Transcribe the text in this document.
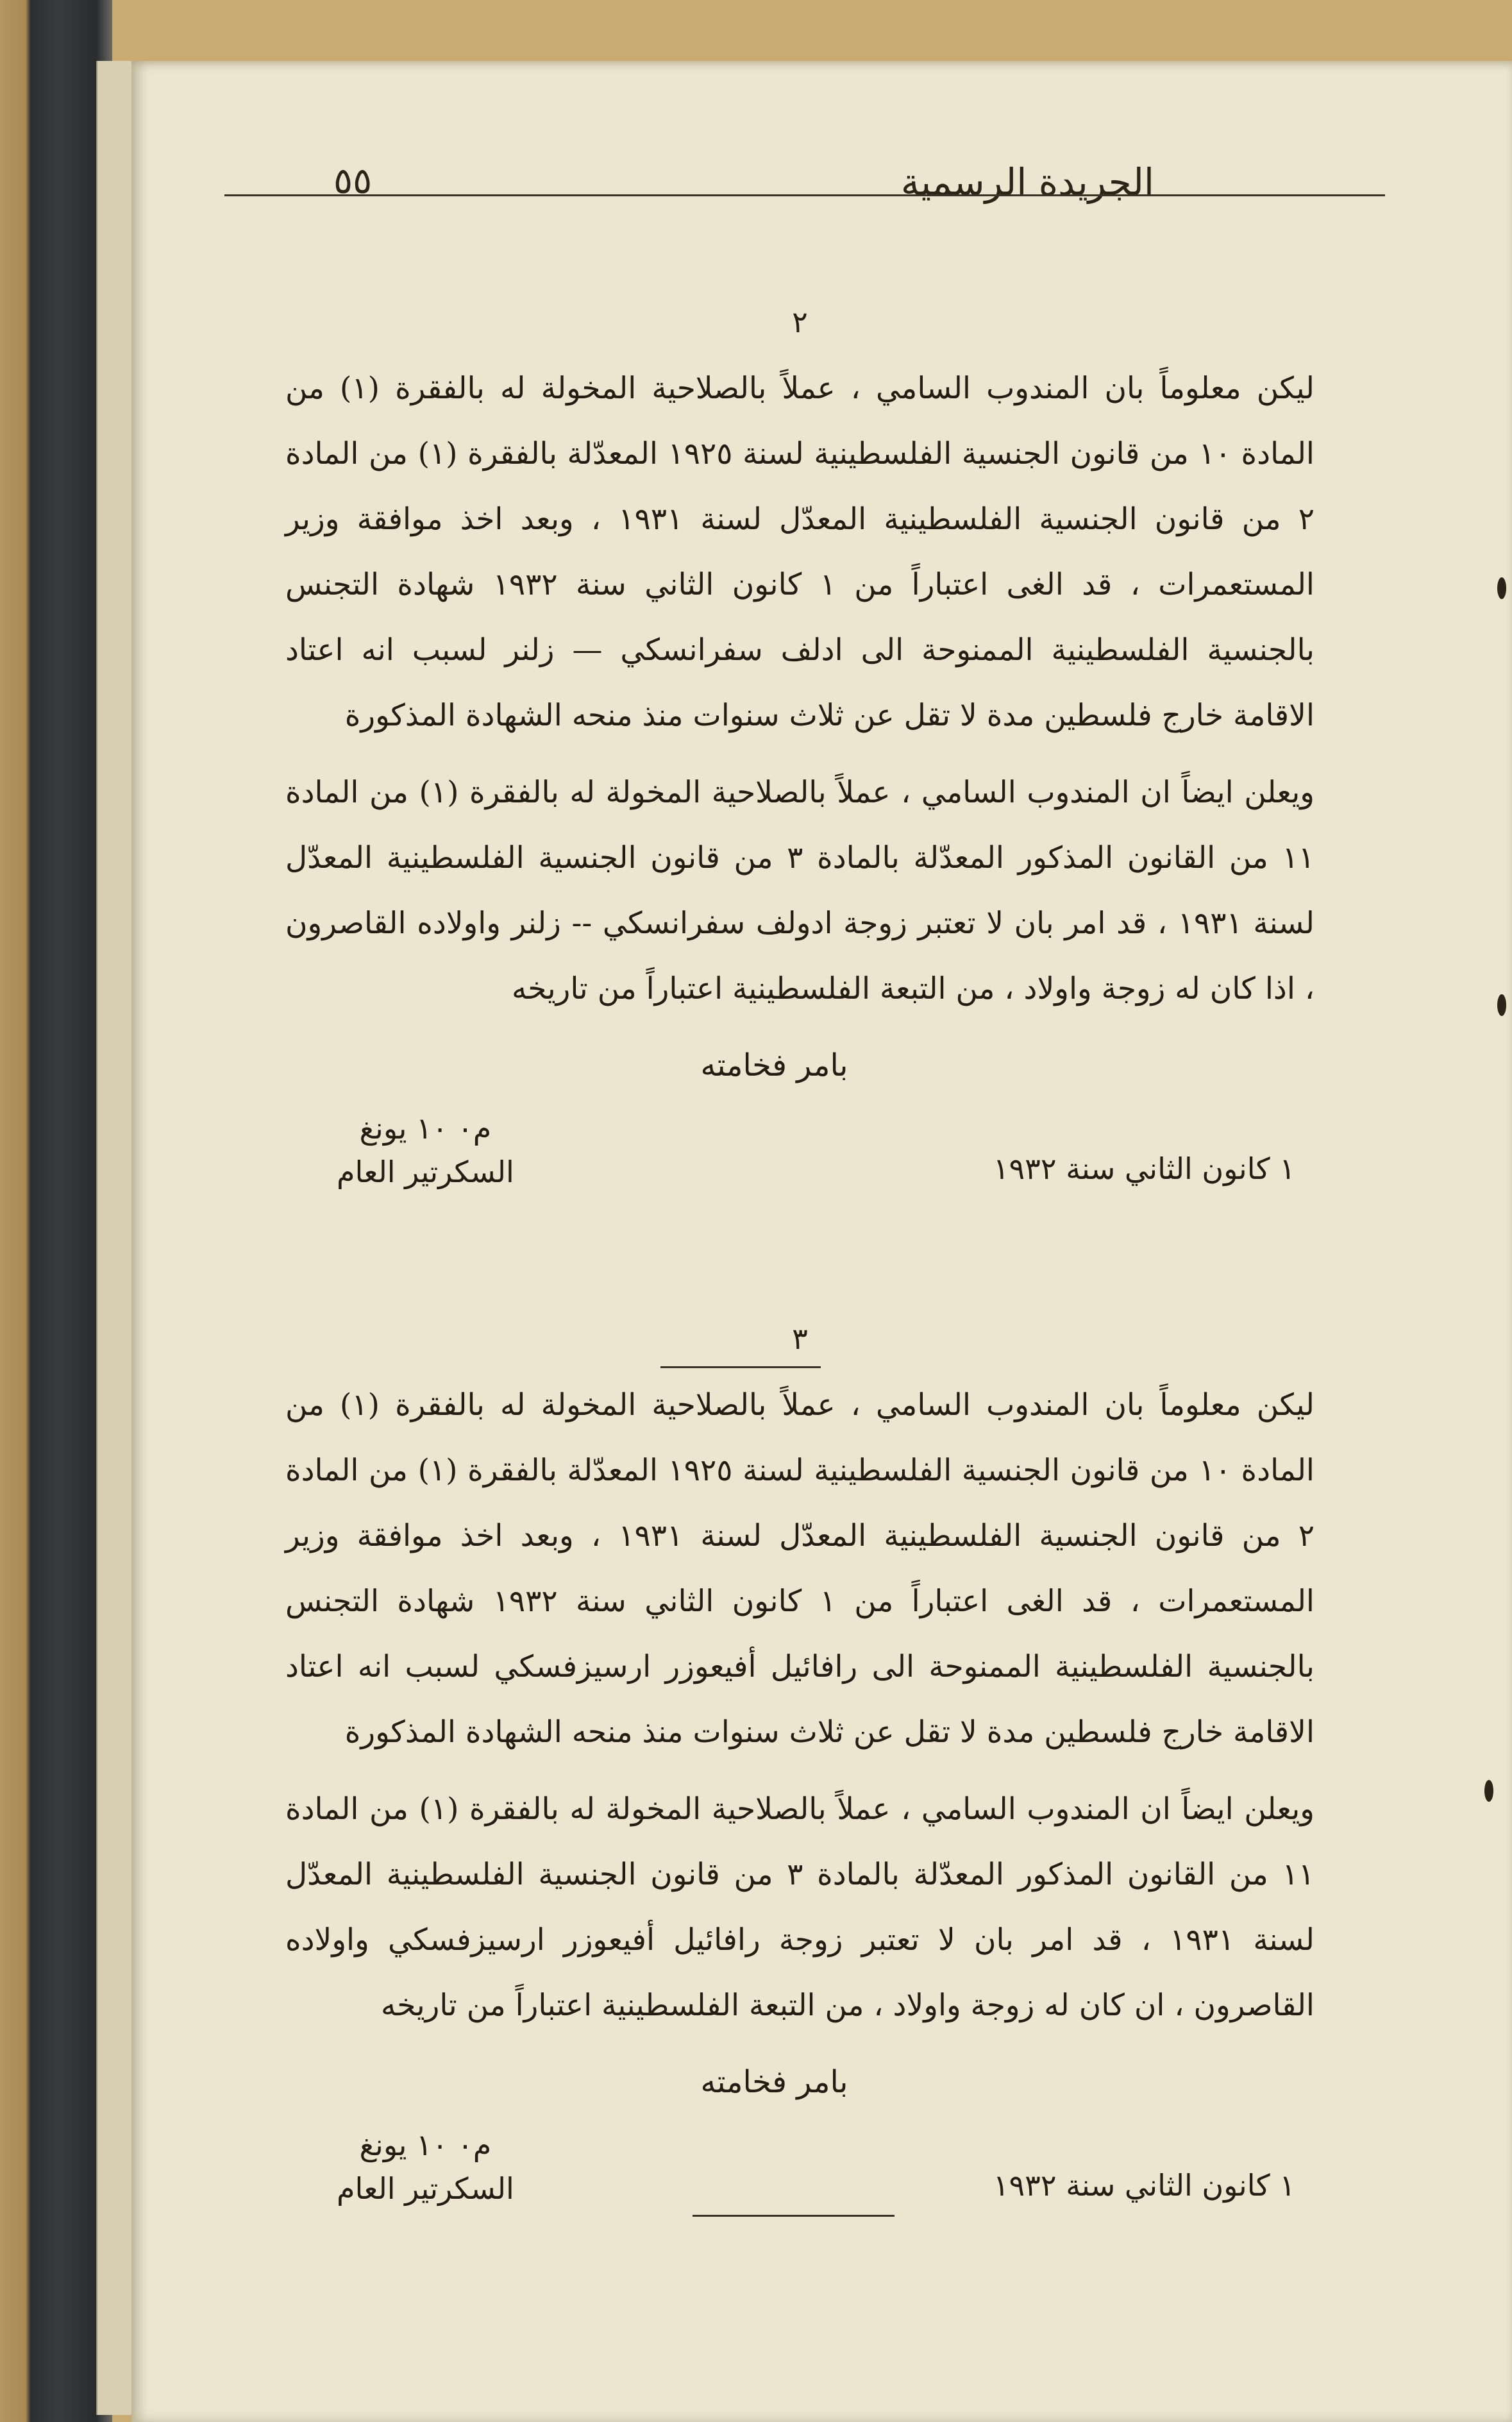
الجريدة الرسمية
٥٥
٢

ليكن معلوماً بان المندوب السامي ، عملاً بالصلاحية المخولة له بالفقرة (١) من المادة ١٠ من قانون الجنسية الفلسطينية لسنة ١٩٢٥ المعدّلة بالفقرة (١) من المادة ٢ من قانون الجنسية الفلسطينية المعدّل لسنة ١٩٣١ ، وبعد اخذ موافقة وزير المستعمرات ، قد الغى اعتباراً من ١ كانون الثاني سنة ١٩٣٢ شهادة التجنس بالجنسية الفلسطينية الممنوحة الى ادلف سفرانسكي — زلنر لسبب انه اعتاد الاقامة خارج فلسطين مدة لا تقل عن ثلاث سنوات منذ منحه الشهادة المذكورة

ويعلن ايضاً ان المندوب السامي ، عملاً بالصلاحية المخولة له بالفقرة (١) من المادة ١١ من القانون المذكور المعدّلة بالمادة ٣ من قانون الجنسية الفلسطينية المعدّل لسنة ١٩٣١ ، قد امر بان لا تعتبر زوجة ادولف سفرانسكي -- زلنر واولاده القاصرون ، اذا كان له زوجة واولاد ، من التبعة الفلسطينية اعتباراً من تاريخه

بامر فخامته
م٠ ١٠ يونغ
السكرتير العام	١ كانون الثاني سنة ١٩٣٢
٣

ليكن معلوماً بان المندوب السامي ، عملاً بالصلاحية المخولة له بالفقرة (١) من المادة ١٠ من قانون الجنسية الفلسطينية لسنة ١٩٢٥ المعدّلة بالفقرة (١) من المادة ٢ من قانون الجنسية الفلسطينية المعدّل لسنة ١٩٣١ ، وبعد اخذ موافقة وزير المستعمرات ، قد الغى اعتباراً من ١ كانون الثاني سنة ١٩٣٢ شهادة التجنس بالجنسية الفلسطينية الممنوحة الى رافائيل أفيعوزر ارسيزفسكي لسبب انه اعتاد الاقامة خارج فلسطين مدة لا تقل عن ثلاث سنوات منذ منحه الشهادة المذكورة

ويعلن ايضاً ان المندوب السامي ، عملاً بالصلاحية المخولة له بالفقرة (١) من المادة ١١ من القانون المذكور المعدّلة بالمادة ٣ من قانون الجنسية الفلسطينية المعدّل لسنة ١٩٣١ ، قد امر بان لا تعتبر زوجة رافائيل أفيعوزر ارسيزفسكي واولاده القاصرون ، ان كان له زوجة واولاد ، من التبعة الفلسطينية اعتباراً من تاريخه

بامر فخامته
م٠ ١٠ يونغ
السكرتير العام	١ كانون الثاني سنة ١٩٣٢
